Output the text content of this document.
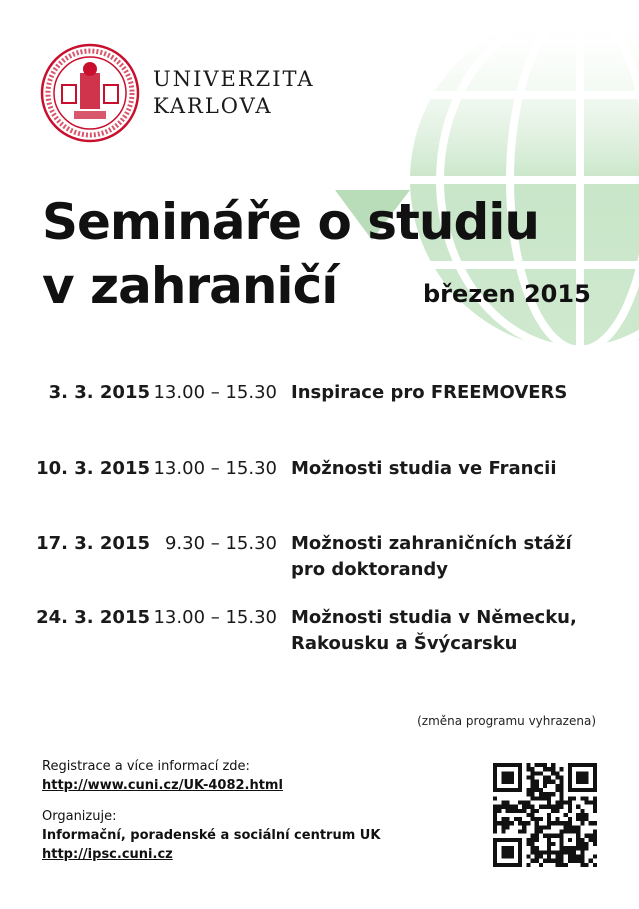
UNIVERZITA
KARLOVA
Semináře o studiu
v zahraničí	březen 2015
3. 3. 2015 13.00 – 15.30 Inspirace pro FREEMOVERS
10. 3. 2015 13.00 – 15.30 Možnosti studia ve Francii
17. 3. 2015 9.30 – 15.30 Možnosti zahraničních stáží pro doktorandy
24. 3. 2015 13.00 – 15.30 Možnosti studia v Německu, Rakousku a Švýcarsku
(změna programu vyhrazena)
Registrace a více informací zde:
http://www.cuni.cz/UK-4082.html
Organizuje:
Informační, poradenské a sociální centrum UK
http://ipsc.cuni.cz
